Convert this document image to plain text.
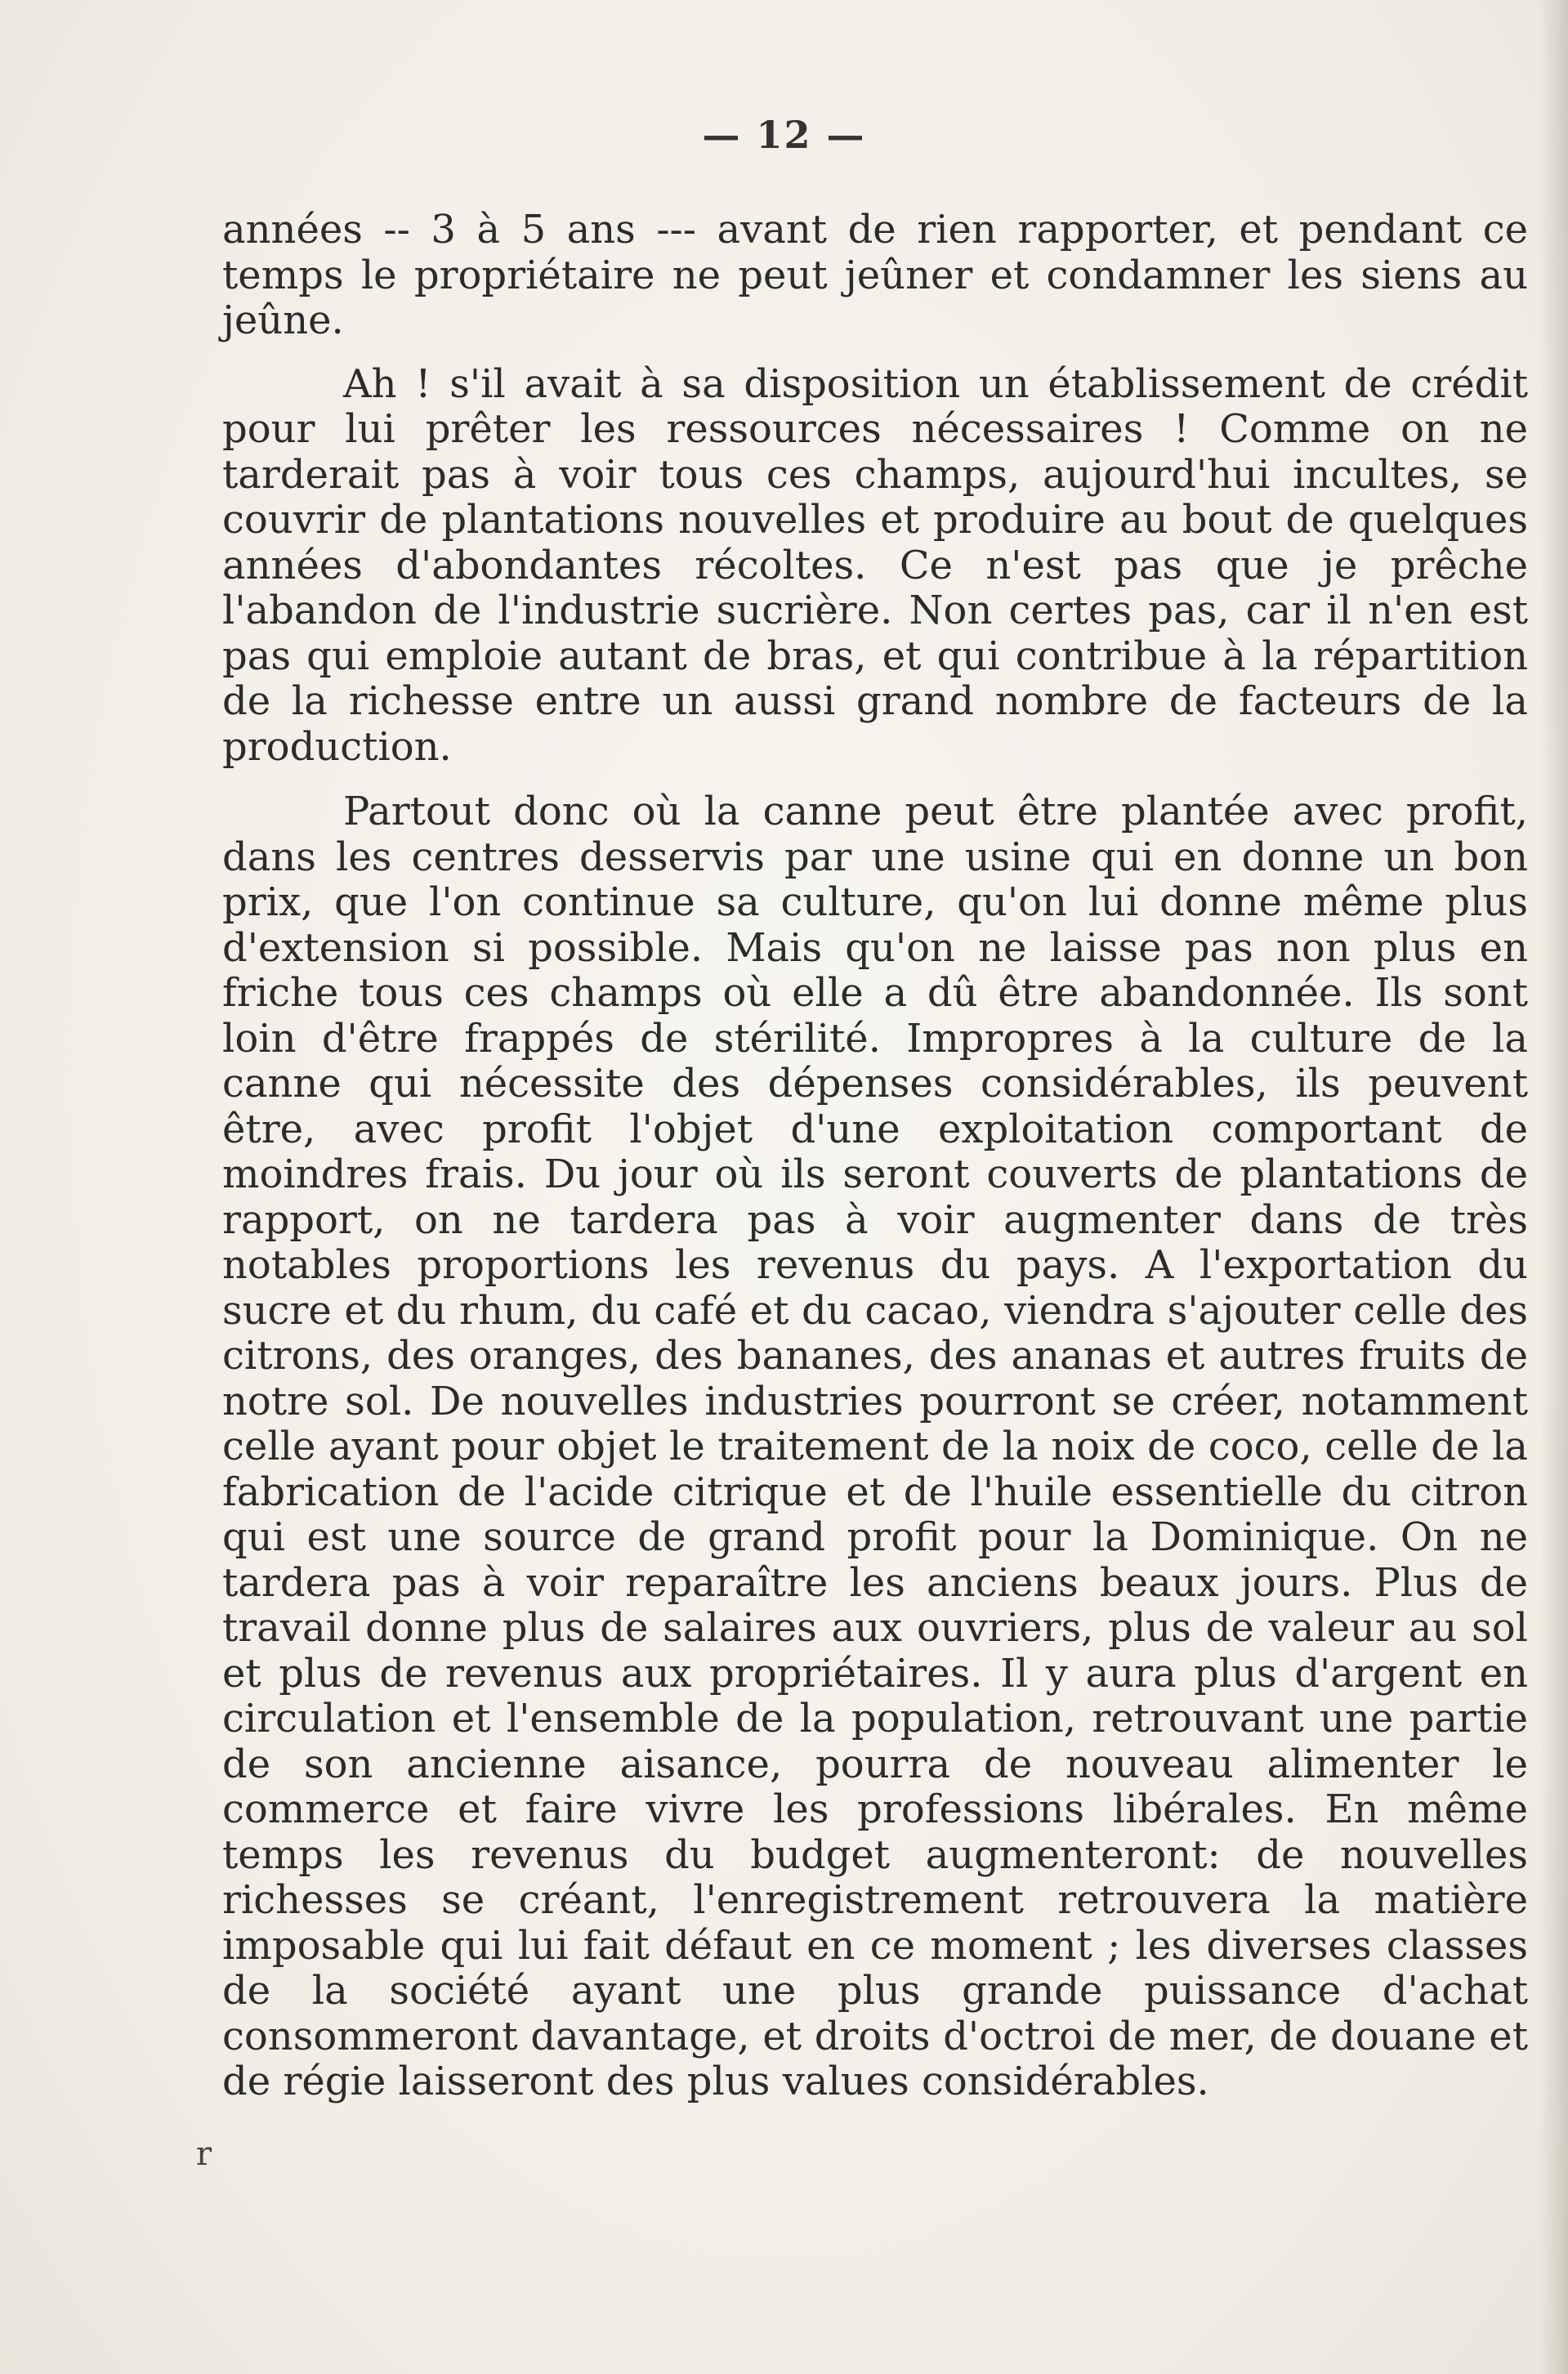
— 12 —

années -- 3 à 5 ans --- avant de rien rapporter, et pendant ce temps le propriétaire ne peut jeûner et condamner les siens au jeûne.

Ah ! s'il avait à sa disposition un établissement de crédit pour lui prêter les ressources nécessaires ! Comme on ne tarderait pas à voir tous ces champs, aujourd'hui incultes, se couvrir de plantations nouvelles et produire au bout de quelques années d'abondantes récoltes. Ce n'est pas que je prêche l'abandon de l'industrie sucrière. Non certes pas, car il n'en est pas qui emploie autant de bras, et qui contribue à la répartition de la richesse entre un aussi grand nombre de facteurs de la production.

Partout donc où la canne peut être plantée avec profit, dans les centres desservis par une usine qui en donne un bon prix, que l'on continue sa culture, qu'on lui donne même plus d'extension si possible. Mais qu'on ne laisse pas non plus en friche tous ces champs où elle a dû être abandonnée. Ils sont loin d'être frappés de stérilité. Impropres à la culture de la canne qui nécessite des dépenses considérables, ils peuvent être, avec profit l'objet d'une exploitation comportant de moindres frais. Du jour où ils seront couverts de plantations de rapport, on ne tardera pas à voir augmenter dans de très notables proportions les revenus du pays. A l'exportation du sucre et du rhum, du café et du cacao, viendra s'ajouter celle des citrons, des oranges, des bananes, des ananas et autres fruits de notre sol. De nouvelles industries pourront se créer, notamment celle ayant pour objet le traitement de la noix de coco, celle de la fabrication de l'acide citrique et de l'huile essentielle du citron qui est une source de grand profit pour la Dominique. On ne tardera pas à voir reparaître les anciens beaux jours. Plus de travail donne plus de salaires aux ouvriers, plus de valeur au sol et plus de revenus aux propriétaires. Il y aura plus d'argent en circulation et l'ensemble de la population, retrouvant une partie de son ancienne aisance, pourra de nouveau alimenter le commerce et faire vivre les professions libérales. En même temps les revenus du budget augmenteront: de nouvelles richesses se créant, l'enregistrement retrouvera la matière imposable qui lui fait défaut en ce moment ; les diverses classes de la société ayant une plus grande puissance d'achat consommeront davantage, et droits d'octroi de mer, de douane et de régie laisseront des plus values considérables.

r
